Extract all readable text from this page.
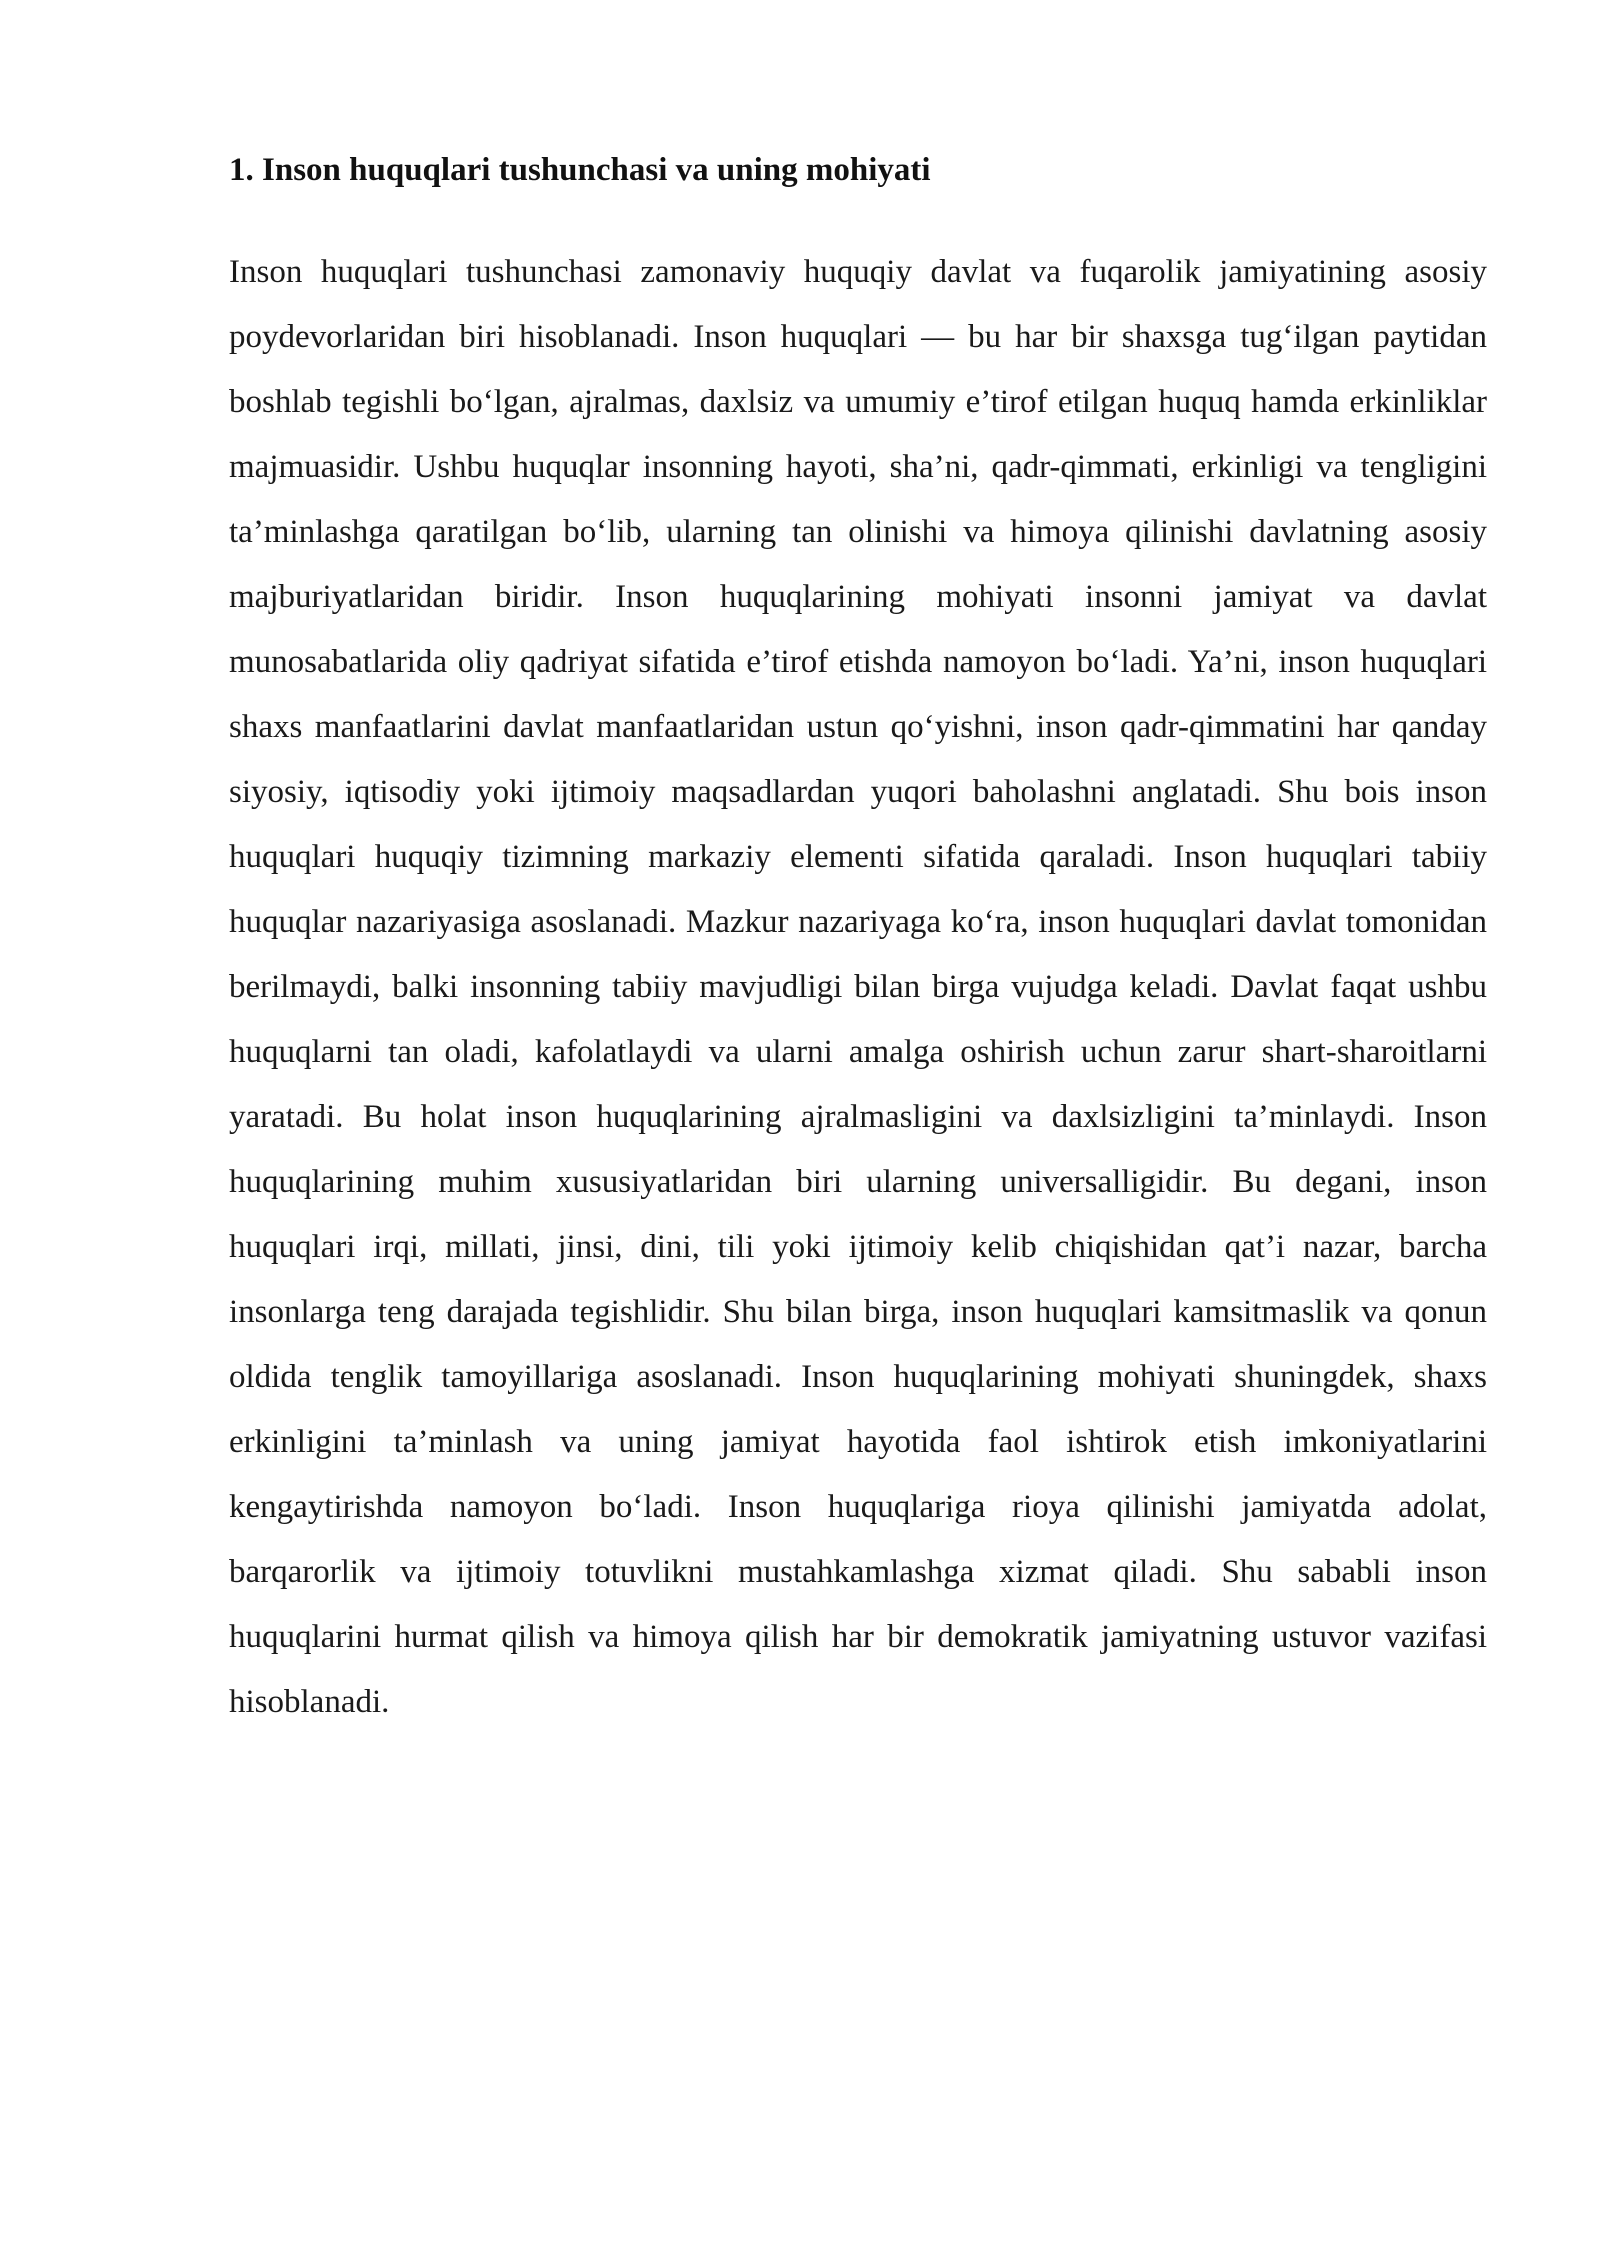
1. Inson huquqlari tushunchasi va uning mohiyati

Inson huquqlari tushunchasi zamonaviy huquqiy davlat va fuqarolik jamiyatining asosiy poydevorlaridan biri hisoblanadi. Inson huquqlari — bu har bir shaxsga tug‘ilgan paytidan boshlab tegishli bo‘lgan, ajralmas, daxlsiz va umumiy e’tirof etilgan huquq hamda erkinliklar majmuasidir. Ushbu huquqlar insonning hayoti, sha’ni, qadr-qimmati, erkinligi va tengligini ta’minlashga qaratilgan bo‘lib, ularning tan olinishi va himoya qilinishi davlatning asosiy majburiyatlaridan biridir. Inson huquqlarining mohiyati insonni jamiyat va davlat munosabatlarida oliy qadriyat sifatida e’tirof etishda namoyon bo‘ladi. Ya’ni, inson huquqlari shaxs manfaatlarini davlat manfaatlaridan ustun qo‘yishni, inson qadr-qimmatini har qanday siyosiy, iqtisodiy yoki ijtimoiy maqsadlardan yuqori baholashni anglatadi. Shu bois inson huquqlari huquqiy tizimning markaziy elementi sifatida qaraladi. Inson huquqlari tabiiy huquqlar nazariyasiga asoslanadi. Mazkur nazariyaga ko‘ra, inson huquqlari davlat tomonidan berilmaydi, balki insonning tabiiy mavjudligi bilan birga vujudga keladi. Davlat faqat ushbu huquqlarni tan oladi, kafolatlaydi va ularni amalga oshirish uchun zarur shart-sharoitlarni yaratadi. Bu holat inson huquqlarining ajralmasligini va daxlsizligini ta’minlaydi. Inson huquqlarining muhim xususiyatlaridan biri ularning universalligidir. Bu degani, inson huquqlari irqi, millati, jinsi, dini, tili yoki ijtimoiy kelib chiqishidan qat’i nazar, barcha insonlarga teng darajada tegishlidir. Shu bilan birga, inson huquqlari kamsitmaslik va qonun oldida tenglik tamoyillariga asoslanadi. Inson huquqlarining mohiyati shuningdek, shaxs erkinligini ta’minlash va uning jamiyat hayotida faol ishtirok etish imkoniyatlarini kengaytirishda namoyon bo‘ladi. Inson huquqlariga rioya qilinishi jamiyatda adolat, barqarorlik va ijtimoiy totuvlikni mustahkamlashga xizmat qiladi. Shu sababli inson huquqlarini hurmat qilish va himoya qilish har bir demokratik jamiyatning ustuvor vazifasi hisoblanadi.
